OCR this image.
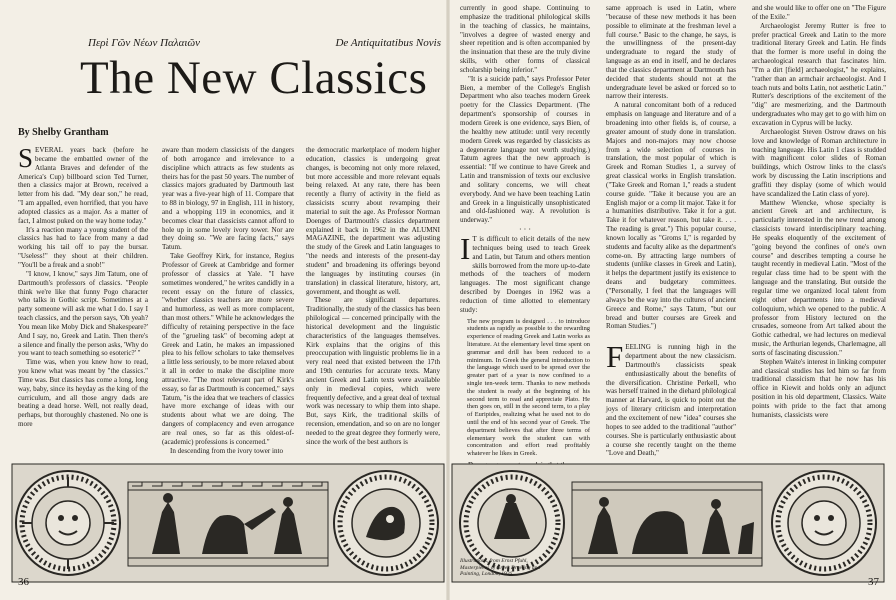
Περὶ Γῶν Νέων Παλαιῶν	De Antiquitatibus Novis
The New Classics
By Shelby Grantham

SEVERAL years back (before he became the embattled owner of the Atlanta Braves and defender of the America's Cup) billboard scion Ted Turner, then a classics major at Brown, received a letter from his dad. "My dear son," he read, "I am appalled, even horrified, that you have adopted classics as a major. As a matter of fact, I almost puked on the way home today."

It's a reaction many a young student of the classics has had to face from many a dad working his tail off to pay the bursar. "Useless!" they shout at their children. "You'll be a freak and a snob!"

"I know, I know," says Jim Tatum, one of Dartmouth's professors of classics. "People think we're like that funny Pogo character who talks in Gothic script. Sometimes at a party someone will ask me what I do. I say I teach classics, and the person says, 'Oh yeah? You mean like Moby Dick and Shakespeare?' And I say, no, Greek and Latin. Then there's a silence and finally the person asks, 'Why do you want to teach something so esoteric?' "

Time was, when you knew how to read, you knew what was meant by "the classics." Time was. But classics has come a long, long way, baby, since its heyday as the king of the curriculum, and all those angry dads are beating a dead horse. Well, not really dead, perhaps, but thoroughly chastened. No one is more

aware than modern classicists of the dangers of both arrogance and irrelevance to a discipline which attracts as few students as theirs has for the past 50 years. The number of classics majors graduated by Dartmouth last year was a five-year high of 11. Compare that to 88 in biology, 97 in English, 111 in history, and a whopping 119 in economics, and it becomes clear that classicists cannot afford to hole up in some lovely ivory tower. Nor are they doing so. "We are facing facts," says Tatum.

Take Geoffrey Kirk, for instance, Regius Professor of Greek at Cambridge and former professor of classics at Yale. "I have sometimes wondered," he writes candidly in a recent essay on the future of classics, "whether classics teachers are more severe and humorless, as well as more complacent, than most others." While he acknowledges the difficulty of retaining perspective in the face of the "grueling task" of becoming adept at Greek and Latin, he makes an impassioned plea to his fellow scholars to take themselves a little less seriously, to be more relaxed about it all in order to make the discipline more attractive. "The most relevant part of Kirk's essay, so far as Dartmouth is concerned," says Tatum, "is the idea that we teachers of classics have more exchange of ideas with our students about what we are doing. The dangers of complacency and even arrogance are real ones, so far as this oldest-of-(academic) professions is concerned."

In descending from the ivory tower into

the democratic marketplace of modern higher education, classics is undergoing great changes, is becoming not only more relaxed, but more accessible and more relevant equals being relaxed. At any rate, there has been recently a flurry of activity in the field as classicists scurry about revamping their material to suit the age. As Professor Norman Doenges of Dartmouth's classics department explained it back in 1962 in the ALUMNI MAGAZINE, the department was adjusting the study of the Greek and Latin languages to "the needs and interests of the present-day student" and broadening its offerings beyond the languages by instituting courses (in translation) in classical literature, history, art, government, and thought as well.

These are significant departures. Traditionally, the study of the classics has been philological — concerned principally with the historical development and the linguistic characteristics of the languages themselves. Kirk explains that the origins of this preoccupation with linguistic problems lie in a very real need that existed between the 17th and 19th centuries for accurate texts. Many ancient Greek and Latin texts were available only in medieval copies, which were frequently defective, and a great deal of textual work was necessary to whip them into shape. But, says Kirk, the traditional skills of recension, emendation, and so on are no longer needed to the great degree they formerly were, since the work of the best authors is

36

currently in good shape. Continuing to emphasize the traditional philological skills in the teaching of classics, he maintains, "involves a degree of wasted energy and sheer repetition and is often accompanied by the insinuation that these are the truly divine skills, with other forms of classical scholarship being inferior."

"It is a suicide path," says Professor Peter Bien, a member of the College's English Department who also teaches modern Greek poetry for the Classics Department. (The department's sponsorship of courses in modern Greek is one evidence, says Bien, of the healthy new attitude: until very recently modern Greek was regarded by classicists as a degenerate language not worth studying.) Tatum agrees that the new approach is essential: "If we continue to have Greek and Latin and transmission of texts our exclusive and solitary concerns, we will cheat everybody. And we have been teaching Latin and Greek in a linguistically unsophisticated and old-fashioned way. A revolution is underway."

· · ·

I T is difficult to elicit details of the new techniques being used to teach Greek and Latin, but Tatum and others mention skills borrowed from the more up-to-date methods of the teachers of modern languages. The most significant change described by Doenges in 1962 was a reduction of time allotted to elementary study:

The new program is designed . . . to introduce students as rapidly as possible to the rewarding experience of reading Greek and Latin works as literature. At the elementary level time spent on grammar and drill has been reduced to a minimum. In Greek the general introduction to the language which used to be spread over the greater part of a year is now confined to a single ten-week term. Thanks to new methods the student is ready at the beginning of his second term to read and appreciate Plato. He then goes on, still in the second term, to a play of Euripides, realizing what he used not to do until the end of his second year of Greek. The department believes that after three terms of elementary work the student can with concentration and effort read profitably whatever he likes in Greek.

same approach is used in Latin, where "because of these new methods it has been possible to eliminate at the freshman level a full course." Basic to the change, he says, is the unwillingness of the present-day undergraduate to regard the study of language as an end in itself, and he declares that the classics department at Dartmouth has decided that students should not at the undergraduate level be asked or forced so to narrow their interests.

A natural concomitant both of a reduced emphasis on language and literature and of a broadening into other fields is, of course, a greater amount of study done in translation. Majors and non-majors may now choose from a wide selection of courses in translation, the most popular of which is Greek and Roman Studies 1, a survey of great classical works in English translation. ("Take Greek and Roman 1," reads a student course guide. "Take it because you are an English major or a comp lit major. Take it for a humanities distributive. Take it for a gut. Take it for whatever reason, but take it. . . . The reading is great.") This popular course, known locally as "Groms I," is regarded by students and faculty alike as the department's come-on. By attracting large numbers of students (unlike classes in Greek and Latin), it helps the department justify its existence to deans and budgetary committees. ("Personally, I feel that the languages will always be the way into the cultures of ancient Greece and Rome," says Tatum, "but our bread and butter courses are Greek and Roman Studies.")

FEELING is running high in the department about the new classicism. Dartmouth's classicists speak enthusiastically about the benefits of the diversification. Christine Perkell, who was herself trained in the diehard philological manner at Harvard, is quick to point out the joys of literary criticism and interpretation and the excitement of new "idea" courses she hopes to see added to the traditional "author" courses. She is particularly enthusiastic about a course she recently taught on the theme "Love and Death,"

and she would like to offer one on "The Figure of the Exile."

Archaeologist Jeremy Rutter is free to prefer practical Greek and Latin to the more traditional literary Greek and Latin. He finds that the former is more useful in doing the archaeological research that fascinates him. "I'm a dirt [field] archaeologist," he explains, "rather than an armchair archaeologist. And I teach nuts and bolts Latin, not aesthetic Latin." Rutter's descriptions of the excitement of the "dig" are mesmerizing, and the Dartmouth undergraduates who may get to go with him on excavation in Cyprus will be lucky.

Archaeologist Steven Ostrow draws on his love and knowledge of Roman architecture in teaching language. His Latin 1 class is studded with magnificent color slides of Roman buildings, which Ostrow links to the class's work by discussing the Latin inscriptions and graffiti they display (some of which would have scandalized the Latin class of yore).

Matthew Wiencke, whose specialty is ancient Greek art and architecture, is particularly interested in the new trend among classicists toward interdisciplinary teaching. He speaks eloquently of the excitement of "going beyond the confines of one's own course" and describes tempting a course he taught recently in medieval Latin. "Most of the regular class time had to be spent with the language and the translating. But outside the regular time we organized local talent from eight other departments into a medieval colloquium, which we opened to the public. A professor from History lectured on the crusades, someone from Art talked about the Gothic cathedral, we had lectures on medieval music, the Arthurian legends, Charlemagne, all sorts of fascinating discussion."

Stephen Waite's interest in linking computer and classical studies has led him so far from traditional classicism that he now has his office in Kiewit and holds only an adjunct position in his old department, Classics. Waite points with pride to the fact that among humanists, classicists were

Illustrations, from Ernst Pfuhl, Masterpieces of Greek Drawing and Painting, London, 1926.
37
